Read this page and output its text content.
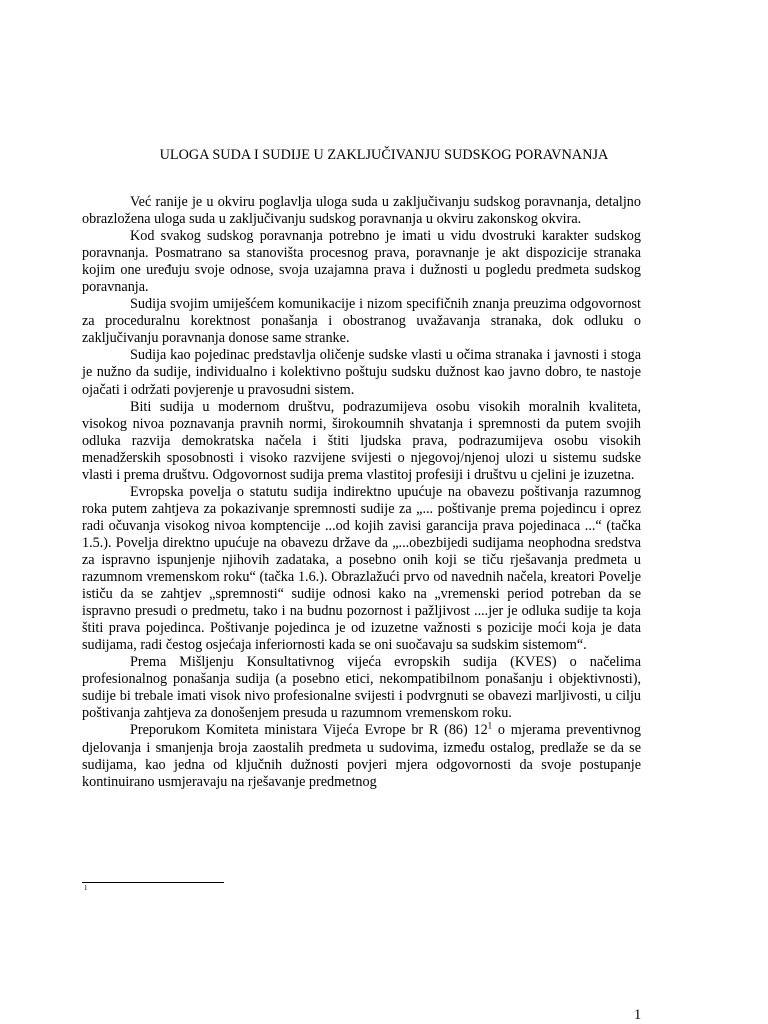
ULOGA SUDA I SUDIJE U ZAKLJUČIVANJU SUDSKOG PORAVNANJA

Već ranije je u okviru poglavlja uloga suda u zaključivanju sudskog poravnanja, detaljno obrazložena uloga suda u zaključivanju sudskog poravnanja u okviru zakonskog okvira.

Kod svakog sudskog poravnanja potrebno je imati u vidu dvostruki karakter sudskog poravnanja. Posmatrano sa stanovišta procesnog prava, poravnanje je akt dispozicije stranaka kojim one uređuju svoje odnose, svoja uzajamna prava i dužnosti u pogledu predmeta sudskog poravnanja.

Sudija svojim umiješćem komunikacije i nizom specifičnih znanja preuzima odgovornost za proceduralnu korektnost ponašanja i obostranog uvažavanja stranaka, dok odluku o zaključivanju poravnanja donose same stranke.

Sudija kao pojedinac predstavlja oličenje sudske vlasti u očima stranaka i javnosti i stoga je nužno da sudije, individualno i kolektivno poštuju sudsku dužnost kao javno dobro, te nastoje ojačati i održati povjerenje u pravosudni sistem.

Biti sudija u modernom društvu, podrazumijeva osobu visokih moralnih kvaliteta, visokog nivoa poznavanja pravnih normi, širokoumnih shvatanja i spremnosti da putem svojih odluka razvija demokratska načela i štiti ljudska prava, podrazumijeva osobu visokih menadžerskih sposobnosti i visoko razvijene svijesti o njegovoj/njenoj ulozi u sistemu sudske vlasti i prema društvu. Odgovornost sudija prema vlastitoj profesiji i društvu u cjelini je izuzetna.

Evropska povelja o statutu sudija indirektno upućuje na obavezu poštivanja razumnog roka putem zahtjeva za pokazivanje spremnosti sudije za „... poštivanje prema pojedincu i oprez radi očuvanja visokog nivoa komptencije ...od kojih zavisi garancija prava pojedinaca ...“ (tačka 1.5.). Povelja direktno upućuje na obavezu države da „...obezbijedi sudijama neophodna sredstva za ispravno ispunjenje njihovih zadataka, a posebno onih koji se tiču rješavanja predmeta u razumnom vremenskom roku“ (tačka 1.6.). Obrazlažući prvo od navednih načela, kreatori Povelje ističu da se zahtjev „spremnosti“ sudije odnosi kako na „vremenski period potreban da se ispravno presudi o predmetu, tako i na budnu pozornost i pažljivost ....jer je odluka sudije ta koja štiti prava pojedinca. Poštivanje pojedinca je od izuzetne važnosti s pozicije moći koja je data sudijama, radi čestog osjećaja inferiornosti kada se oni suočavaju sa sudskim sistemom“.

Prema Mišljenju Konsultativnog vijeća evropskih sudija (KVES) o načelima profesionalnog ponašanja sudija (a posebno etici, nekompatibilnom ponašanju i objektivnosti), sudije bi trebale imati visok nivo profesionalne svijesti i podvrgnuti se obavezi marljivosti, u cilju poštivanja zahtjeva za donošenjem presuda u razumnom vremenskom roku.

Preporukom Komiteta ministara Vijeća Evrope br R (86) $12^1$ o mjerama preventivnog djelovanja i smanjenja broja zaostalih predmeta u sudovima, između ostalog, predlaže se da se sudijama, kao jedna od ključnih dužnosti povjeri mjera odgovornosti da svoje postupanje kontinuirano usmjeravaju na rješavanje predmetnog

1
1
